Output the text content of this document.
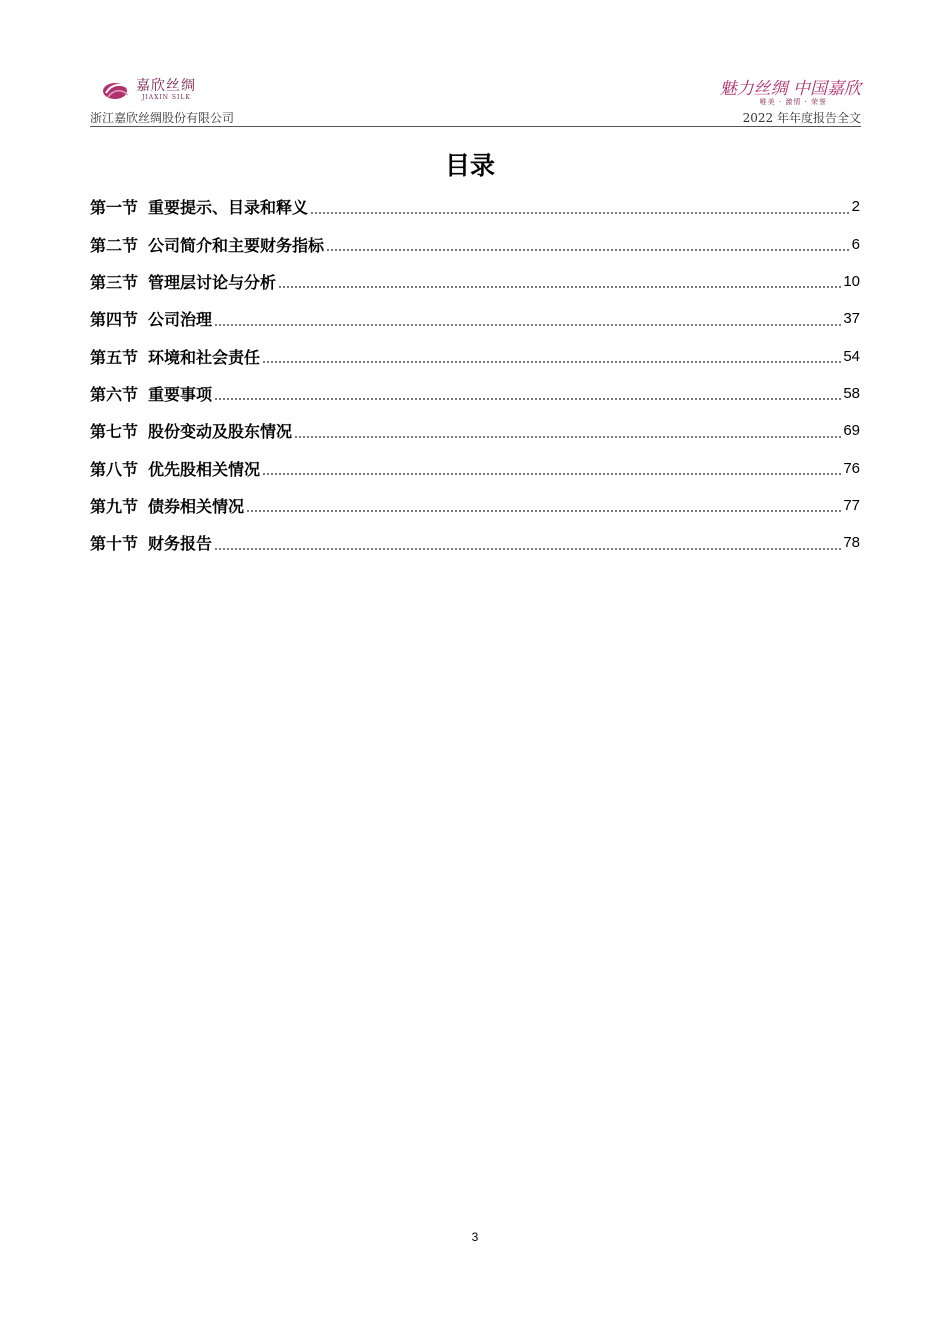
嘉欣丝绸
JIAXIN SILK	魅力丝绸 中国嘉欣
唯美 · 激情 · 荣誉
浙江嘉欣丝绸股份有限公司	2022 年年度报告全文
目录
第一节 重要提示、目录和释义	2
第二节 公司简介和主要财务指标	6
第三节 管理层讨论与分析	10
第四节 公司治理	37
第五节 环境和社会责任	54
第六节 重要事项	58
第七节 股份变动及股东情况	69
第八节 优先股相关情况	76
第九节 债券相关情况	77
第十节 财务报告	78
3
